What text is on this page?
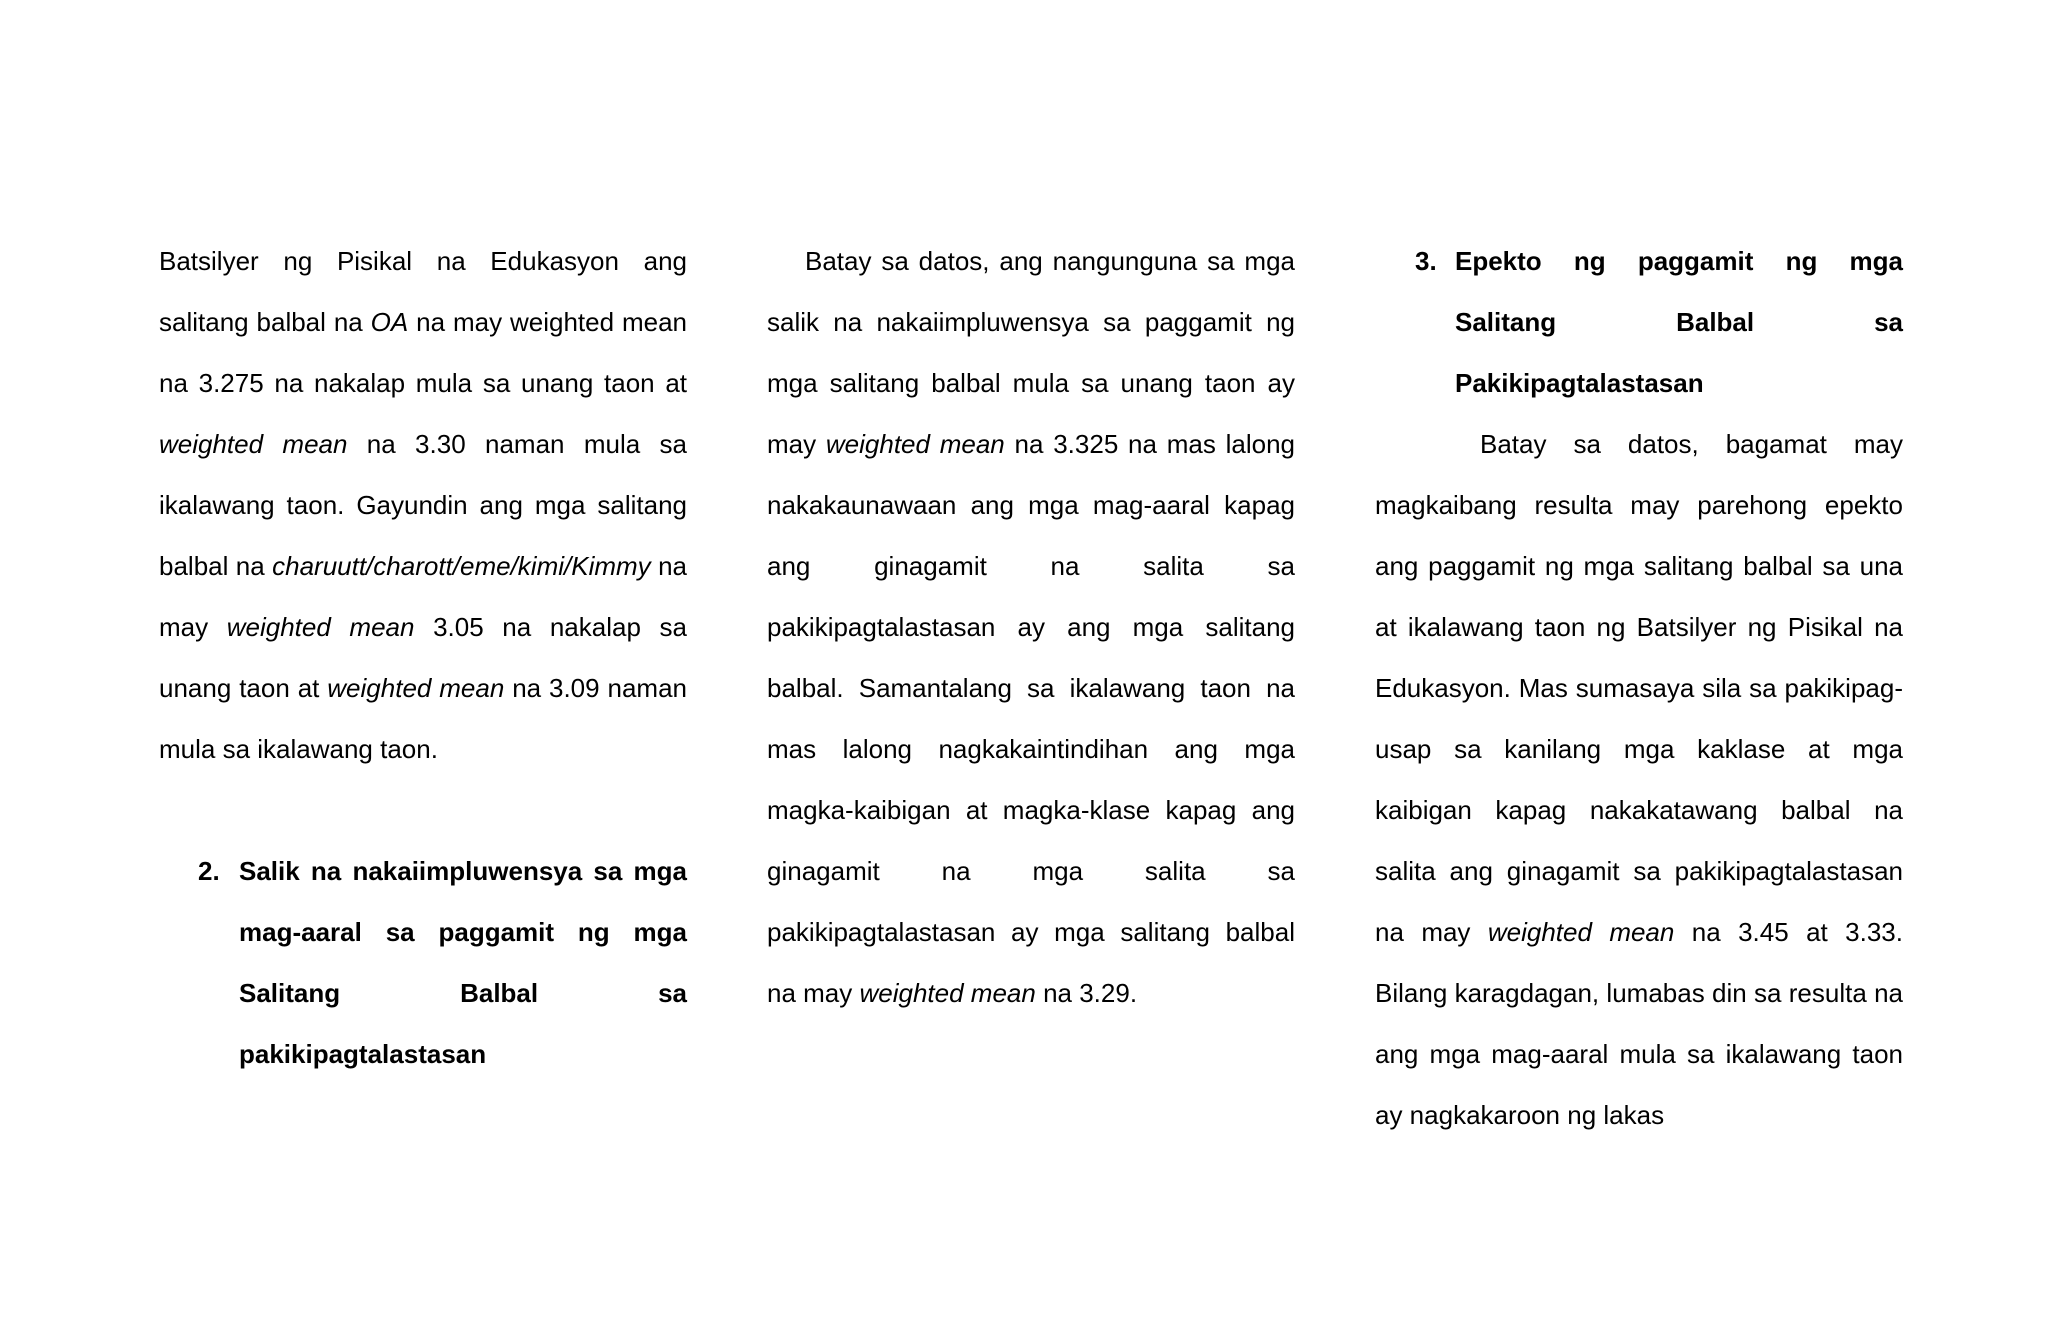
Batsilyer ng Pisikal na Edukasyon ang salitang balbal na OA na may weighted mean na 3.275 na nakalap mula sa unang taon at weighted mean na 3.30 naman mula sa ikalawang taon. Gayundin ang mga salitang balbal na charuutt/charott/eme/kimi/Kimmy na may weighted mean 3.05 na nakalap sa unang taon at weighted mean na 3.09 naman mula sa ikalawang taon.

2. Salik na nakaiimpluwensya sa mga mag-aaral sa paggamit ng mga Salitang Balbal sa pakikipagtalastasan

Batay sa datos, ang nangunguna sa mga salik na nakaiimpluwensya sa paggamit ng mga salitang balbal mula sa unang taon ay may weighted mean na 3.325 na mas lalong nakakaunawaan ang mga mag-aaral kapag ang ginagamit na salita sa pakikipagtalastasan ay ang mga salitang balbal. Samantalang sa ikalawang taon na mas lalong nagkakaintindihan ang mga magka-kaibigan at magka-klase kapag ang ginagamit na mga salita sa pakikipagtalastasan ay mga salitang balbal na may weighted mean na 3.29.

3. Epekto ng paggamit ng mga Salitang Balbal sa Pakikipagtalastasan

Batay sa datos, bagamat may magkaibang resulta may parehong epekto ang paggamit ng mga salitang balbal sa una at ikalawang taon ng Batsilyer ng Pisikal na Edukasyon. Mas sumasaya sila sa pakikipag-usap sa kanilang mga kaklase at mga kaibigan kapag nakakatawang balbal na salita ang ginagamit sa pakikipagtalastasan na may weighted mean na 3.45 at 3.33. Bilang karagdagan, lumabas din sa resulta na ang mga mag-aaral mula sa ikalawang taon ay nagkakaroon ng lakas
